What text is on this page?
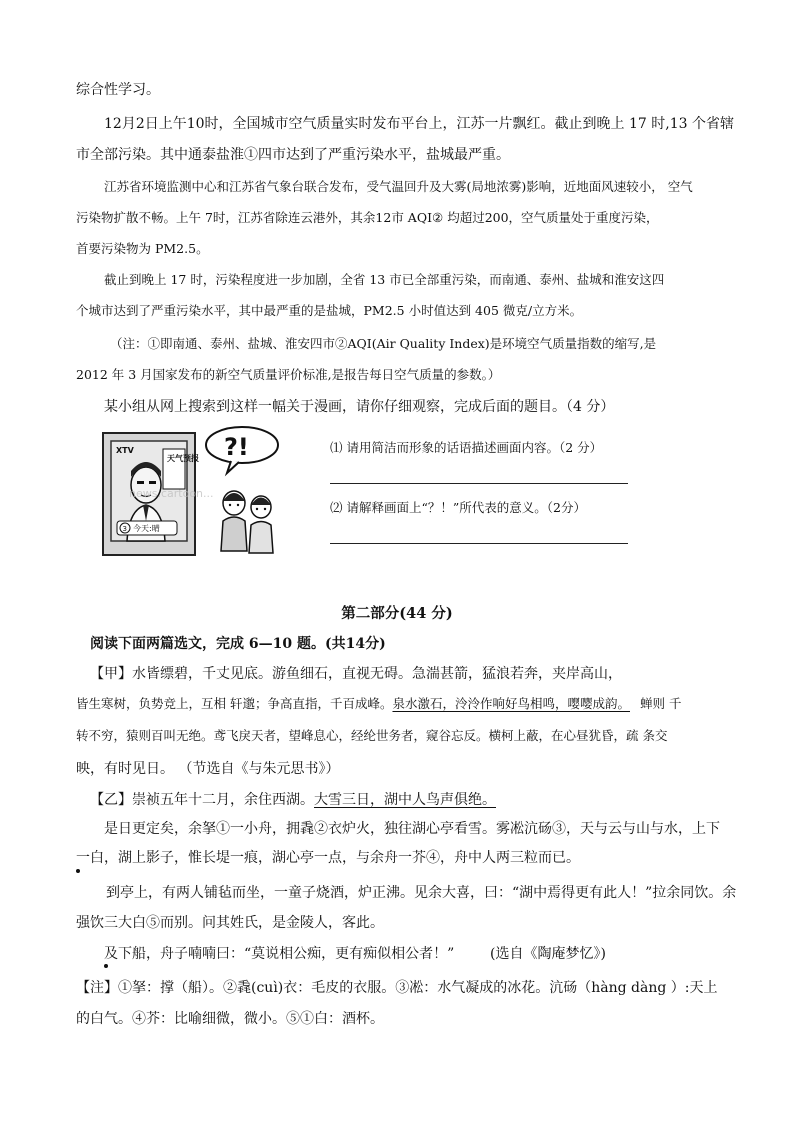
综合性学习。
12月2日上午10时，全国城市空气质量实时发布平台上，江苏一片飘红。截止到晚上 17 时,13 个省辖
市全部污染。其中通泰盐淮①四市达到了严重污染水平，盐城最严重。
江苏省环境监测中心和江苏省气象台联合发布，受气温回升及大雾(局地浓雾)影响，近地面风速较小， 空气
污染物扩散不畅。上午 7时，江苏省除连云港外，其余12市 AQI② 均超过200，空气质量处于重度污染，
首要污染物为 PM2.5。
截止到晚上 17 时，污染程度进一步加剧，全省 13 市已全部重污染，而南通、泰州、盐城和淮安这四
个城市达到了严重污染水平，其中最严重的是盐城，PM2.5 小时值达到 405 微克/立方米。
（注：①即南通、泰州、盐城、淮安四市②AQI(Air Quality Index)是环境空气质量指数的缩写,是
2012 年 3 月国家发布的新空气质量评价标准,是报告每日空气质量的参数。）
某小组从网上搜索到这样一幅关于漫画，请你仔细观察，完成后面的题目。（4 分）
XTV
天气预报
3 今天:晴
news.cartoon...
?!	⑴ 请用简洁而形象的话语描述画面内容。（2 分）
⑵ 请解释画面上“？！”所代表的意义。（2分）
第二部分(44 分)
阅读下面两篇选文，完成 6—10 题。(共14分)
【甲】水皆缥碧，千丈见底。游鱼细石，直视无碍。急湍甚箭，猛浪若奔，夹岸高山，
皆生寒树，负势竞上，互相 轩邈；争高直指，千百成峰。泉水激石，泠泠作响好鸟相鸣，嘤嘤成韵。 蝉则 千
转不穷，猿则百叫无绝。鸢飞戾天者，望峰息心，经纶世务者，窥谷忘反。横柯上蔽，在心昼犹昏，疏 条交
映，有时见日。 （节选自《与朱元思书》）
【乙】崇祯五年十二月，余住西湖。大雪三日，湖中人鸟声俱绝。
是日更定矣，余拏①一小舟，拥毳②衣炉火，独往湖心亭看雪。雾凇沆砀③，天与云与山与水，上下
一白，湖上影子，惟长堤一痕，湖心亭一点，与余舟一芥④，舟中人两三粒而已。
到亭上，有两人铺毡而坐，一童子烧酒，炉正沸。见余大喜，曰：“湖中焉得更有此人！”拉余同饮。余
强饮三大白⑤而别。问其姓氏，是金陵人，客此。
及下船，舟子喃喃曰：“莫说相公痴，更有痴似相公者！”	(选自《陶庵梦忆》)
【注】①拏：撑（船）。②毳(cuì)衣：毛皮的衣服。③凇：水气凝成的冰花。沆砀（hàng dàng ）:天上
的白气。④芥：比喻细微，微小。⑤①白：酒杯。
